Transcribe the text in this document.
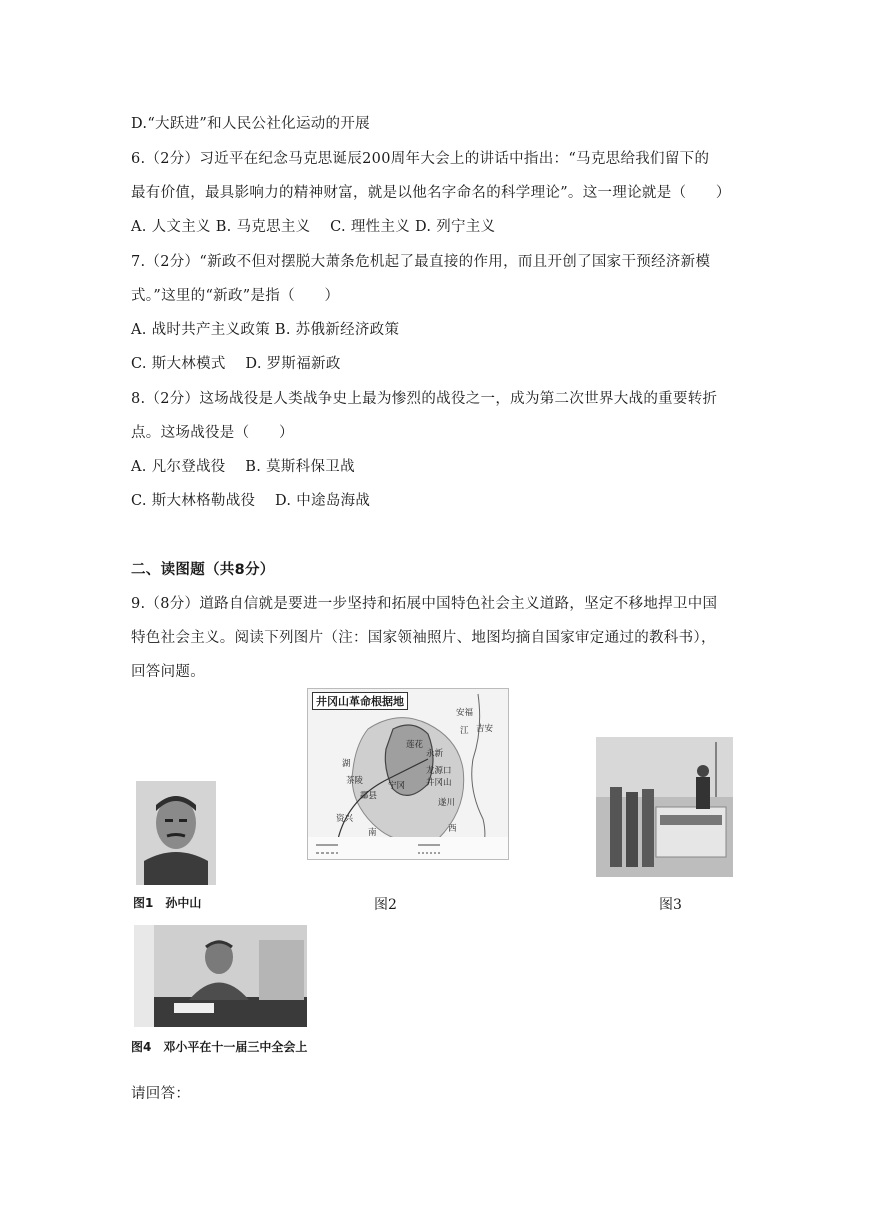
D.“大跃进”和人民公社化运动的开展
6.（2分）习近平在纪念马克思诞辰200周年大会上的讲话中指出：“马克思给我们留下的
最有价值，最具影响力的精神财富，就是以他名字命名的科学理论”。这一理论就是（　　）
A. 人文主义 B. 马克思主义　 C. 理性主义 D. 列宁主义
7.（2分）“新政不但对摆脱大萧条危机起了最直接的作用，而且开创了国家干预经济新模
式。”这里的“新政”是指（　　）
A. 战时共产主义政策 B. 苏俄新经济政策
C. 斯大林模式　 D. 罗斯福新政
8.（2分）这场战役是人类战争史上最为惨烈的战役之一，成为第二次世界大战的重要转折
点。这场战役是（　　）
A. 凡尔登战役　 B. 莫斯科保卫战
C. 斯大林格勒战役　 D. 中途岛海战
二、读图题（共8分）
9.（8分）道路自信就是要进一步坚持和拓展中国特色社会主义道路，坚定不移地捍卫中国
特色社会主义。阅读下列图片（注：国家领袖照片、地图均摘自国家审定通过的教科书），
回答问题。
请回答：
图1　孙中山
井冈山革命根据地
安福
江 吉安
莲花
永新
茶陵
龙源口
宁冈 井冈山
酃县
遂川
资兴
湖
南	西
图2	图3
图4　邓小平在十一届三中全会上
